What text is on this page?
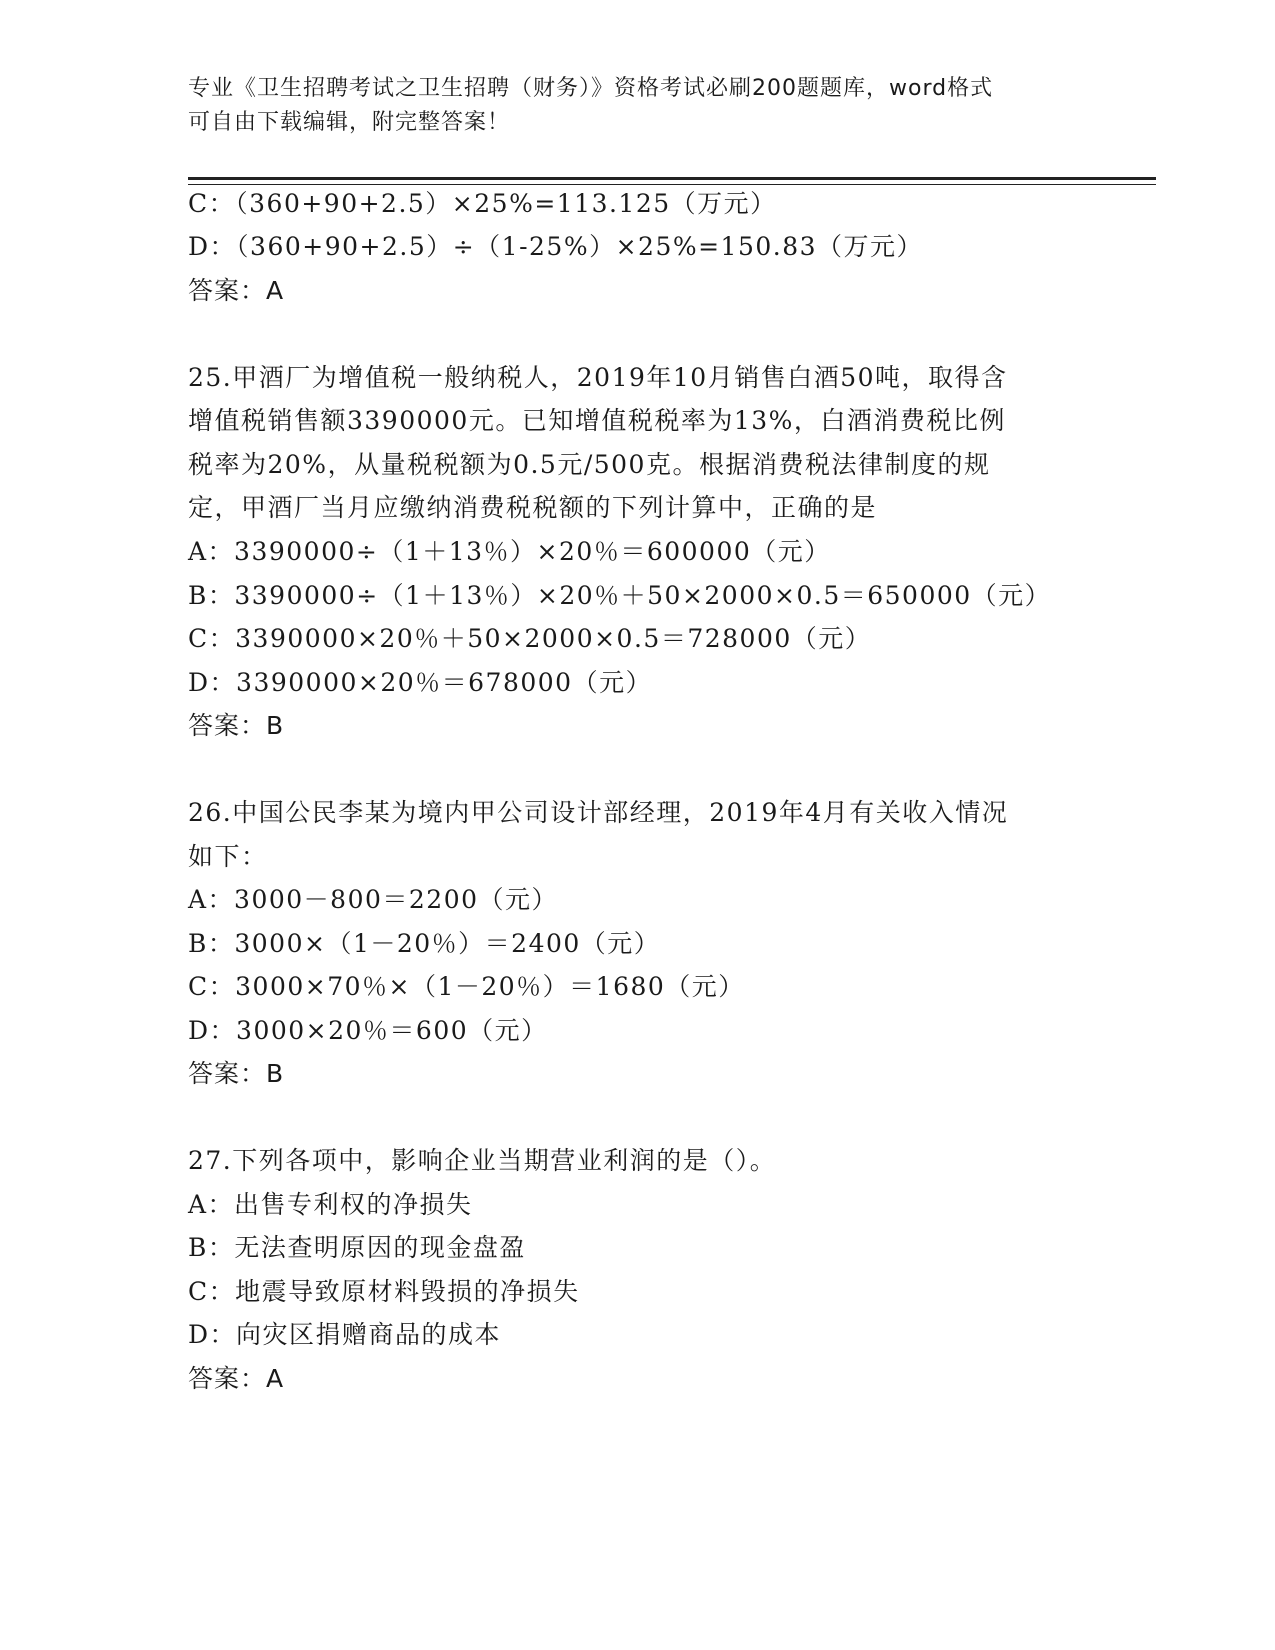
专业《卫生招聘考试之卫生招聘（财务）》资格考试必刷200题题库，word格式
可自由下载编辑，附完整答案！
C：（360+90+2.5）×25%=113.125（万元）
D：（360+90+2.5）÷（1-25%）×25%=150.83（万元）
答案：A
25.甲酒厂为增值税一般纳税人，2019年10月销售白酒50吨，取得含
增值税销售额3390000元。已知增值税税率为13%，白酒消费税比例
税率为20%，从量税税额为0.5元/500克。根据消费税法律制度的规
定，甲酒厂当月应缴纳消费税税额的下列计算中，正确的是
A：3390000÷（1＋13％）×20％＝600000（元）
B：3390000÷（1＋13％）×20％＋50×2000×0.5＝650000（元）
C：3390000×20％＋50×2000×0.5＝728000（元）
D：3390000×20％＝678000（元）
答案：B
26.中国公民李某为境内甲公司设计部经理，2019年4月有关收入情况
如下：
A：3000－800＝2200（元）
B：3000×（1－20％）＝2400（元）
C：3000×70％×（1－20％）＝1680（元）
D：3000×20％＝600（元）
答案：B
27.下列各项中，影响企业当期营业利润的是（）。
A：出售专利权的净损失
B：无法查明原因的现金盘盈
C：地震导致原材料毁损的净损失
D：向灾区捐赠商品的成本
答案：A
